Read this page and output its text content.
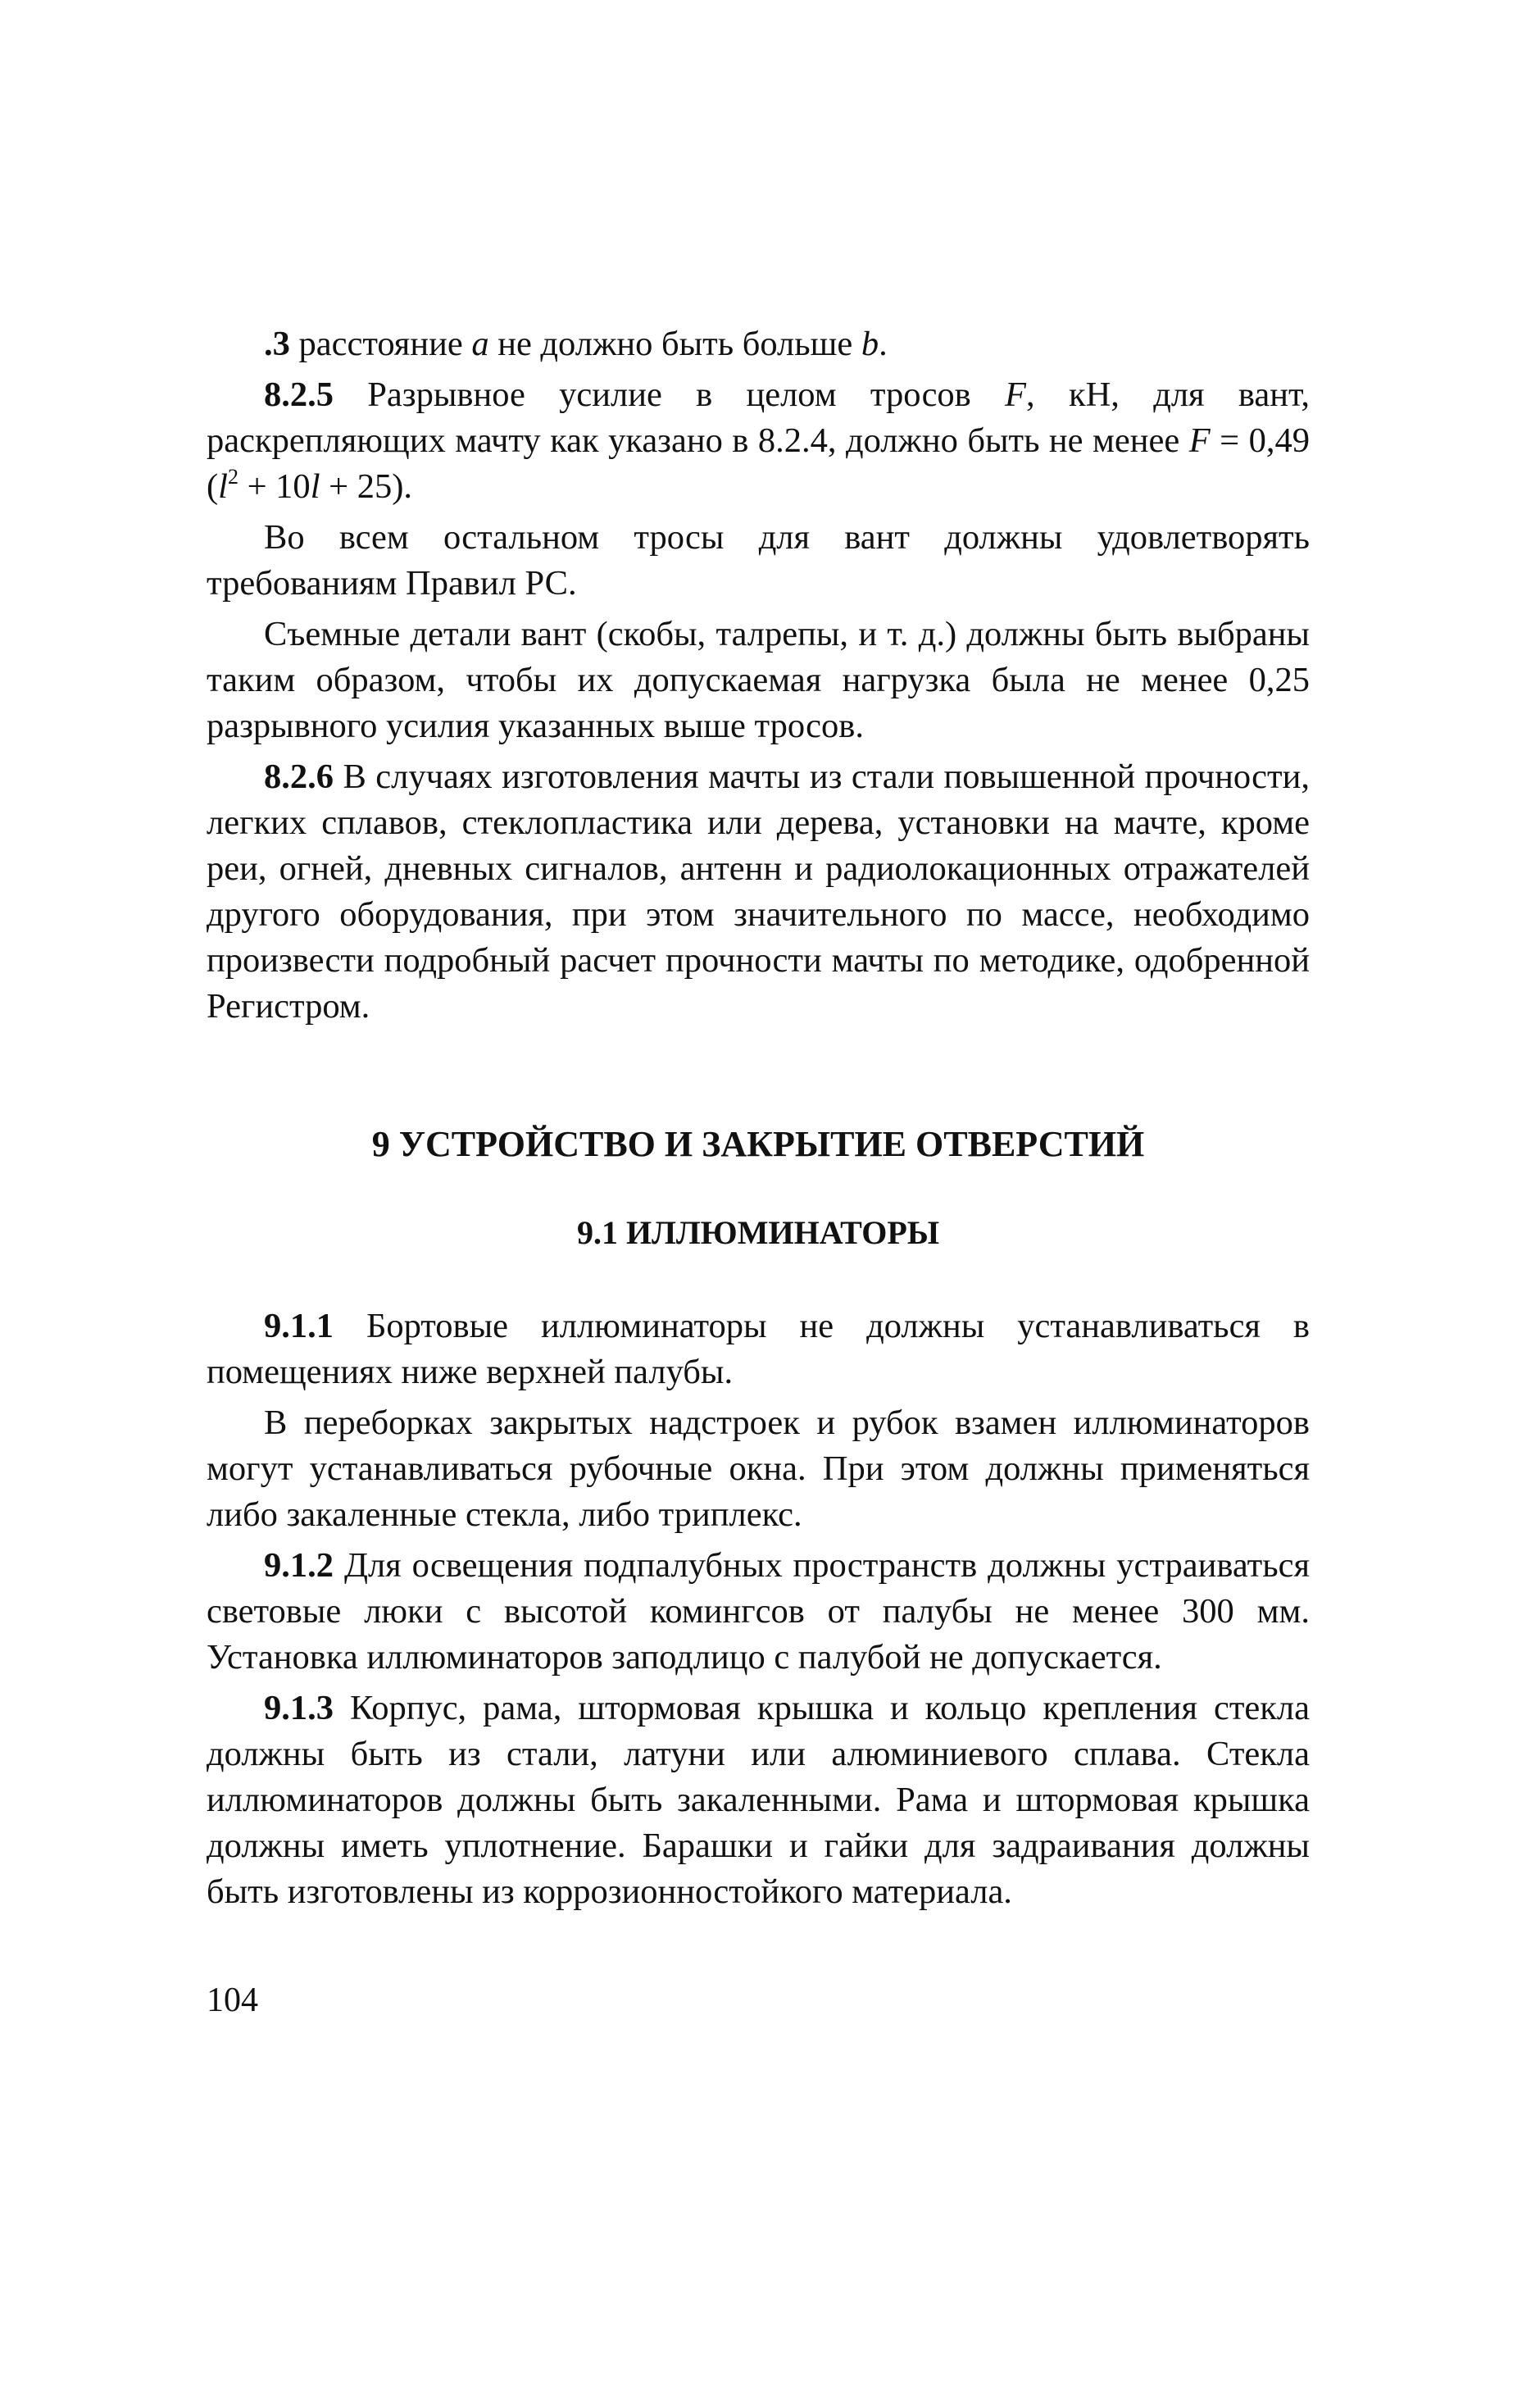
.3 расстояние a не должно быть больше b.

8.2.5 Разрывное усилие в целом тросов F, кН, для вант, раскрепляющих мачту как указано в 8.2.4, должно быть не менее F = 0,49 $(l^2 + 10l + 25)$.

Во всем остальном тросы для вант должны удовлетворять требованиям Правил РС.

Съемные детали вант (скобы, талрепы, и т. д.) должны быть выбраны таким образом, чтобы их допускаемая нагрузка была не менее 0,25 разрывного усилия указанных выше тросов.

8.2.6 В случаях изготовления мачты из стали повышенной прочности, легких сплавов, стеклопластика или дерева, установки на мачте, кроме реи, огней, дневных сигналов, антенн и радиолокационных отражателей другого оборудования, при этом значительного по массе, необходимо произвести подробный расчет прочности мачты по методике, одобренной Регистром.

9 УСТРОЙСТВО И ЗАКРЫТИЕ ОТВЕРСТИЙ
9.1 ИЛЛЮМИНАТОРЫ

9.1.1 Бортовые иллюминаторы не должны устанавливаться в помещениях ниже верхней палубы.

В переборках закрытых надстроек и рубок взамен иллюминаторов могут устанавливаться рубочные окна. При этом должны применяться либо закаленные стекла, либо триплекс.

9.1.2 Для освещения подпалубных пространств должны устраиваться световые люки с высотой комингсов от палубы не менее 300 мм. Установка иллюминаторов заподлицо с палубой не допускается.

9.1.3 Корпус, рама, штормовая крышка и кольцо крепления стекла должны быть из стали, латуни или алюминиевого сплава. Стекла иллюминаторов должны быть закаленными. Рама и штормовая крышка должны иметь уплотнение. Барашки и гайки для задраивания должны быть изготовлены из коррозионностойкого материала.

104
